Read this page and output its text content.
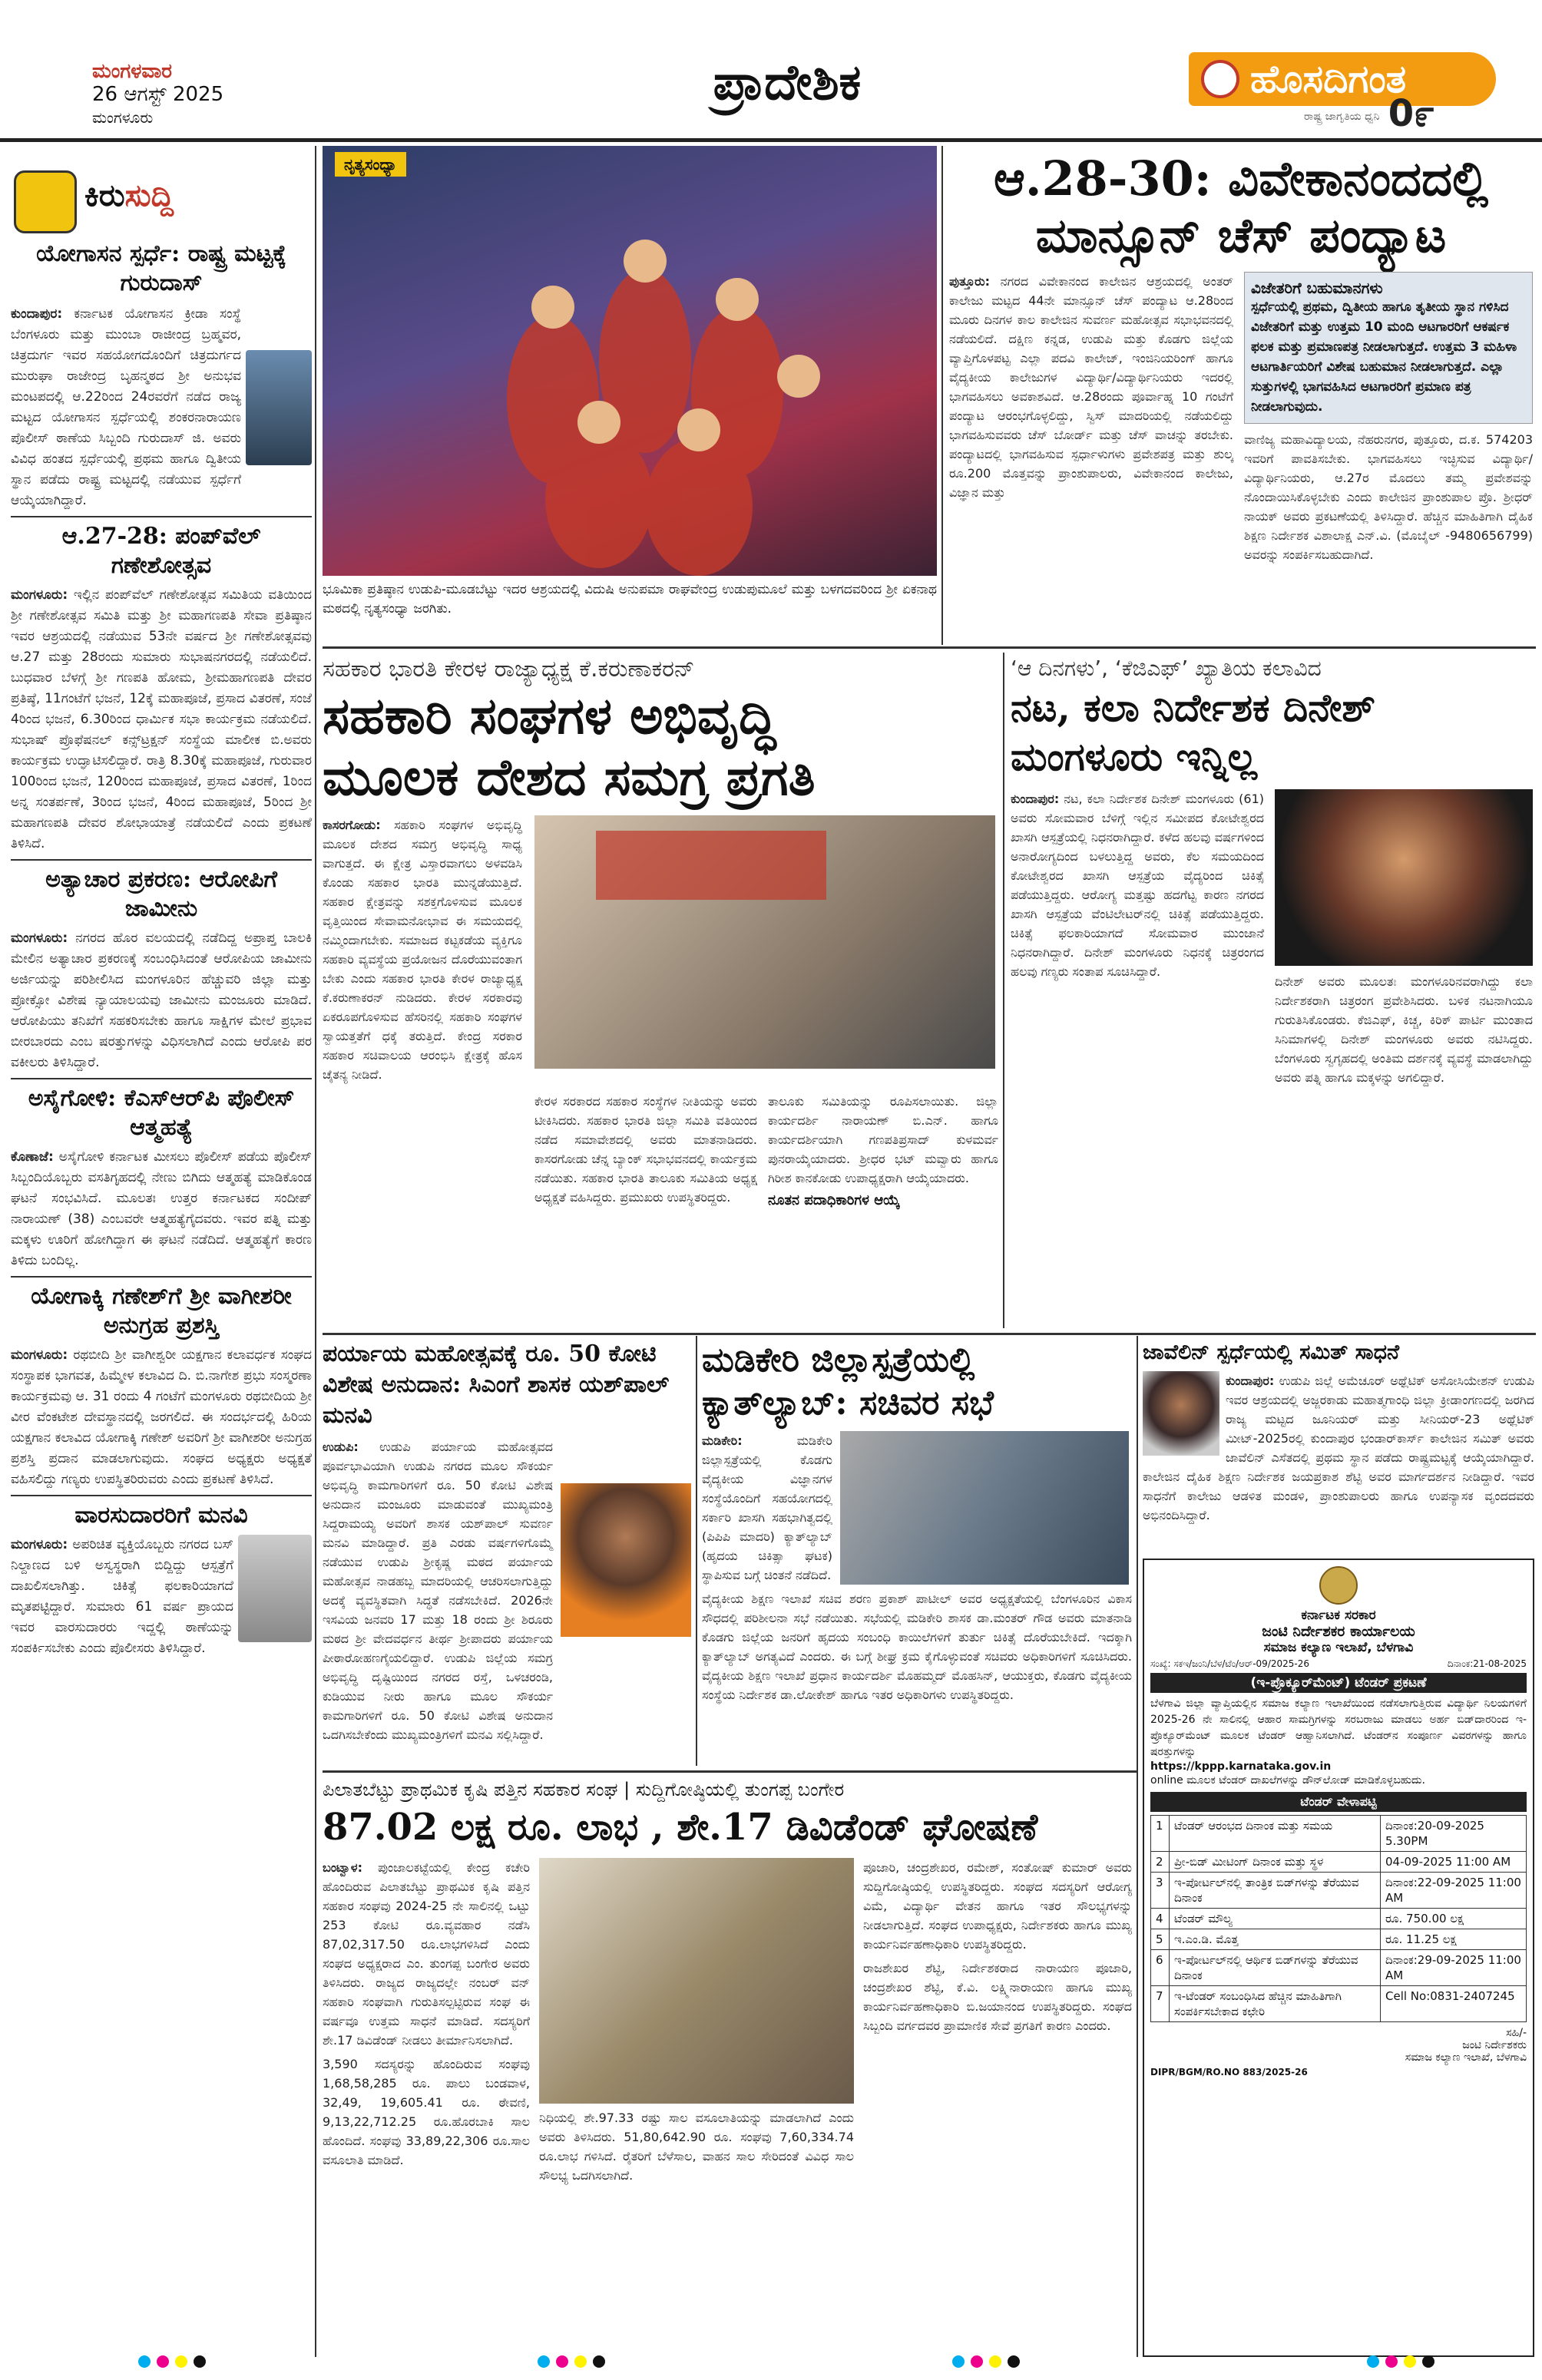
ಮಂಗಳವಾರ
26 ಆಗಸ್ಟ್ 2025
ಮಂಗಳೂರು
ಪ್ರಾದೇಶಿಕ	ಹೊಸದಿಗಂತ
ರಾಷ್ಟ್ರ ಜಾಗೃತಿಯ ಧ್ವನಿ 0೯
ಕಿರುಸುದ್ದಿ
ಯೋಗಾಸನ ಸ್ಪರ್ಧೆ: ರಾಷ್ಟ್ರ ಮಟ್ಟಕ್ಕೆ ಗುರುದಾಸ್
ಕುಂದಾಪುರ: ಕರ್ನಾಟಕ ಯೋಗಾಸನ ಕ್ರೀಡಾ ಸಂಸ್ಥೆ ಬೆಂಗಳೂರು ಮತ್ತು ಮುಂಬಾ ರಾಜೀಂದ್ರ ಬ್ರಹ್ಮವರ, ಚಿತ್ರದುರ್ಗ ಇವರ ಸಹಯೋಗದೊಂದಿಗೆ ಚಿತ್ರದುರ್ಗದ ಮುರುಘಾ ರಾಜೇಂದ್ರ ಬೃಹನ್ಮಠದ ಶ್ರೀ ಅನುಭವ ಮಂಟಪದಲ್ಲಿ ಆ.22ರಿಂದ 24ರವರೆಗೆ ನಡೆದ ರಾಜ್ಯ ಮಟ್ಟದ ಯೋಗಾಸನ ಸ್ಪರ್ಧೆಯಲ್ಲಿ ಶಂಕರನಾರಾಯಣ ಪೊಲೀಸ್ ಠಾಣೆಯ ಸಿಬ್ಬಂದಿ ಗುರುದಾಸ್ ಜಿ. ಅವರು ವಿವಿಧ ಹಂತದ ಸ್ಪರ್ಧೆಯಲ್ಲಿ ಪ್ರಥಮ ಹಾಗೂ ದ್ವಿತೀಯ ಸ್ಥಾನ ಪಡೆದು ರಾಷ್ಟ್ರ ಮಟ್ಟದಲ್ಲಿ ನಡೆಯುವ ಸ್ಪರ್ಧೆಗೆ ಆಯ್ಕೆಯಾಗಿದ್ದಾರೆ.
ಆ.27-28: ಪಂಪ್‌ವೆಲ್ ಗಣೇಶೋತ್ಸವ
ಮಂಗಳೂರು: ಇಲ್ಲಿನ ಪಂಪ್‌ವೆಲ್ ಗಣೇಶೋತ್ಸವ ಸಮಿತಿಯ ವತಿಯಿಂದ ಶ್ರೀ ಗಣೇಶೋತ್ಸವ ಸಮಿತಿ ಮತ್ತು ಶ್ರೀ ಮಹಾಗಣಪತಿ ಸೇವಾ ಪ್ರತಿಷ್ಠಾನ ಇವರ ಆಶ್ರಯದಲ್ಲಿ ನಡೆಯುವ 53ನೇ ವರ್ಷದ ಶ್ರೀ ಗಣೇಶೋತ್ಸವವು ಆ.27 ಮತ್ತು 28ರಂದು ಸುಮಾರು ಸುಭಾಷನಗರದಲ್ಲಿ ನಡೆಯಲಿದೆ. ಬುಧವಾರ ಬೆಳಗ್ಗೆ ಶ್ರೀ ಗಣಪತಿ ಹೋಮ, ಶ್ರೀಮಹಾಗಣಪತಿ ದೇವರ ಪ್ರತಿಷ್ಠೆ, 11ಗಂಟೆಗೆ ಭಜನೆ, 12ಕ್ಕೆ ಮಹಾಪೂಜೆ, ಪ್ರಸಾದ ವಿತರಣೆ, ಸಂಜೆ 4ರಿಂದ ಭಜನೆ, 6.30ರಿಂದ ಧಾರ್ಮಿಕ ಸಭಾ ಕಾರ್ಯಕ್ರಮ ನಡೆಯಲಿದೆ. ಸುಭಾಷ್ ಪ್ರೊಫೆಷನಲ್ ಕನ್ಸ್‌ಟ್ರಕ್ಷನ್ ಸಂಸ್ಥೆಯ ಮಾಲೀಕ ಬಿ.ಅವರು ಕಾರ್ಯಕ್ರಮ ಉದ್ಘಾಟಿಸಲಿದ್ದಾರೆ. ರಾತ್ರಿ 8.30ಕ್ಕೆ ಮಹಾಪೂಜೆ, ಗುರುವಾರ 100ರಿಂದ ಭಜನೆ, 120ರಿಂದ ಮಹಾಪೂಜೆ, ಪ್ರಸಾದ ವಿತರಣೆ, 1ರಿಂದ ಅನ್ನ ಸಂತರ್ಪಣೆ, 3ರಿಂದ ಭಜನೆ, 4ರಿಂದ ಮಹಾಪೂಜೆ, 5ರಿಂದ ಶ್ರೀ ಮಹಾಗಣಪತಿ ದೇವರ ಶೋಭಾಯಾತ್ರೆ ನಡೆಯಲಿದೆ ಎಂದು ಪ್ರಕಟಣೆ ತಿಳಿಸಿದೆ.
ಅತ್ಯಾಚಾರ ಪ್ರಕರಣ: ಆರೋಪಿಗೆ ಜಾಮೀನು
ಮಂಗಳೂರು: ನಗರದ ಹೊರ ವಲಯದಲ್ಲಿ ನಡೆದಿದ್ದ ಅಪ್ರಾಪ್ತ ಬಾಲಕಿ ಮೇಲಿನ ಅತ್ಯಾಚಾರ ಪ್ರಕರಣಕ್ಕೆ ಸಂಬಂಧಿಸಿದಂತೆ ಆರೋಪಿಯ ಜಾಮೀನು ಅರ್ಜಿಯನ್ನು ಪರಿಶೀಲಿಸಿದ ಮಂಗಳೂರಿನ ಹೆಚ್ಚುವರಿ ಜಿಲ್ಲಾ ಮತ್ತು ಪ್ರೋಕ್ಸೋ ವಿಶೇಷ ನ್ಯಾಯಾಲಯವು ಜಾಮೀನು ಮಂಜೂರು ಮಾಡಿದೆ. ಆರೋಪಿಯು ತನಿಖೆಗೆ ಸಹಕರಿಸಬೇಕು ಹಾಗೂ ಸಾಕ್ಷಿಗಳ ಮೇಲೆ ಪ್ರಭಾವ ಬೀರಬಾರದು ಎಂಬ ಷರತ್ತುಗಳನ್ನು ವಿಧಿಸಲಾಗಿದೆ ಎಂದು ಆರೋಪಿ ಪರ ವಕೀಲರು ತಿಳಿಸಿದ್ದಾರೆ.
ಅಸೈಗೋಳಿ: ಕೆಎಸ್‌ಆರ್‌ಪಿ ಪೊಲೀಸ್ ಆತ್ಮಹತ್ಯೆ
ಕೊಣಾಜೆ: ಅಸೈಗೋಳಿ ಕರ್ನಾಟಕ ಮೀಸಲು ಪೊಲೀಸ್ ಪಡೆಯ ಪೊಲೀಸ್ ಸಿಬ್ಬಂದಿಯೊಬ್ಬರು ವಸತಿಗೃಹದಲ್ಲಿ ನೇಣು ಬಿಗಿದು ಆತ್ಮಹತ್ಯೆ ಮಾಡಿಕೊಂಡ ಘಟನೆ ಸಂಭವಿಸಿದೆ. ಮೂಲತಃ ಉತ್ತರ ಕರ್ನಾಟಕದ ಸಂದೀಪ್ ನಾರಾಯಣ್ (38) ಎಂಬವರೇ ಆತ್ಮಹತ್ಯೆಗೈದವರು. ಇವರ ಪತ್ನಿ ಮತ್ತು ಮಕ್ಕಳು ಊರಿಗೆ ಹೋಗಿದ್ದಾಗ ಈ ಘಟನೆ ನಡೆದಿದೆ. ಆತ್ಮಹತ್ಯೆಗೆ ಕಾರಣ ತಿಳಿದು ಬಂದಿಲ್ಲ.
ಯೋಗಾಕ್ಕಿ ಗಣೇಶ್‌ಗೆ ಶ್ರೀ ವಾಗೀಶರೀ ಅನುಗ್ರಹ ಪ್ರಶಸ್ತಿ
ಮಂಗಳೂರು: ರಥಬೀದಿ ಶ್ರೀ ವಾಗೀಶ್ವರೀ ಯಕ್ಷಗಾನ ಕಲಾವರ್ಧಕ ಸಂಘದ ಸಂಸ್ಥಾಪಕ ಭಾಗವತ, ಹಿಮ್ಮೇಳ ಕಲಾವಿದ ದಿ. ಬಿ.ನಾಗೇಶ ಪ್ರಭು ಸಂಸ್ಮರಣಾ ಕಾರ್ಯಕ್ರಮವು ಆ. 31 ರಂದು 4 ಗಂಟೆಗೆ ಮಂಗಳೂರು ರಥಬೀದಿಯ ಶ್ರೀ ವೀರ ವೆಂಕಟೇಶ ದೇವಸ್ಥಾನದಲ್ಲಿ ಜರಗಲಿದೆ. ಈ ಸಂದರ್ಭದಲ್ಲಿ ಹಿರಿಯ ಯಕ್ಷಗಾನ ಕಲಾವಿದ ಯೋಗಾಕ್ಕಿ ಗಣೇಶ್ ಅವರಿಗೆ ಶ್ರೀ ವಾಗೀಶರೀ ಅನುಗ್ರಹ ಪ್ರಶಸ್ತಿ ಪ್ರದಾನ ಮಾಡಲಾಗುವುದು. ಸಂಘದ ಅಧ್ಯಕ್ಷರು ಅಧ್ಯಕ್ಷತೆ ವಹಿಸಲಿದ್ದು ಗಣ್ಯರು ಉಪಸ್ಥಿತರಿರುವರು ಎಂದು ಪ್ರಕಟಣೆ ತಿಳಿಸಿದೆ.
ವಾರಸುದಾರರಿಗೆ ಮನವಿ
ಮಂಗಳೂರು: ಅಪರಿಚಿತ ವ್ಯಕ್ತಿಯೊಬ್ಬರು ನಗರದ ಬಸ್ ನಿಲ್ದಾಣದ ಬಳಿ ಅಸ್ವಸ್ಥರಾಗಿ ಬಿದ್ದಿದ್ದು ಆಸ್ಪತ್ರೆಗೆ ದಾಖಲಿಸಲಾಗಿತ್ತು. ಚಿಕಿತ್ಸೆ ಫಲಕಾರಿಯಾಗದೆ ಮೃತಪಟ್ಟಿದ್ದಾರೆ. ಸುಮಾರು 61 ವರ್ಷ ಪ್ರಾಯದ ಇವರ ವಾರಸುದಾರರು ಇದ್ದಲ್ಲಿ ಠಾಣೆಯನ್ನು ಸಂಪರ್ಕಿಸಬೇಕು ಎಂದು ಪೊಲೀಸರು ತಿಳಿಸಿದ್ದಾರೆ.
ನೃತ್ಯಸಂಧ್ಯಾ
ಭೂಮಿಕಾ ಪ್ರತಿಷ್ಠಾನ ಉಡುಪಿ-ಮೂಡಬೆಟ್ಟು ಇದರ ಆಶ್ರಯದಲ್ಲಿ ವಿದುಷಿ ಅನುಪಮಾ ರಾಘವೇಂದ್ರ ಉಡುಪುಮೂಲೆ ಮತ್ತು ಬಳಗದವರಿಂದ ಶ್ರೀ ಏಕನಾಥ ಮಠದಲ್ಲಿ ನೃತ್ಯಸಂಧ್ಯಾ ಜರಗಿತು.
ಆ.28-30: ವಿವೇಕಾನಂದದಲ್ಲಿ
ಮಾನ್ಸೂನ್ ಚೆಸ್ ಪಂದ್ಯಾಟ
ಪುತ್ತೂರು: ನಗರದ ವಿವೇಕಾನಂದ ಕಾಲೇಜಿನ ಆಶ್ರಯದಲ್ಲಿ ಅಂತರ್ ಕಾಲೇಜು ಮಟ್ಟದ 44ನೇ ಮಾನ್ಸೂನ್ ಚೆಸ್ ಪಂದ್ಯಾಟ ಆ.28ರಿಂದ ಮೂರು ದಿನಗಳ ಕಾಲ ಕಾಲೇಜಿನ ಸುವರ್ಣ ಮಹೋತ್ಸವ ಸಭಾಭವನದಲ್ಲಿ ನಡೆಯಲಿದೆ. ದಕ್ಷಿಣ ಕನ್ನಡ, ಉಡುಪಿ ಮತ್ತು ಕೊಡಗು ಜಿಲ್ಲೆಯ ವ್ಯಾಪ್ತಿಗೊಳಪಟ್ಟ ಎಲ್ಲಾ ಪದವಿ ಕಾಲೇಜ್, ಇಂಜಿನಿಯರಿಂಗ್ ಹಾಗೂ ವೈದ್ಯಕೀಯ ಕಾಲೇಜುಗಳ ವಿದ್ಯಾರ್ಥಿ/ವಿದ್ಯಾರ್ಥಿನಿಯರು ಇದರಲ್ಲಿ ಭಾಗವಹಿಸಲು ಅವಕಾಶವಿದೆ. ಆ.28ರಂದು ಪೂರ್ವಾಹ್ನ 10 ಗಂಟೆಗೆ ಪಂದ್ಯಾಟ ಆರಂಭಗೊಳ್ಳಲಿದ್ದು, ಸ್ವಿಸ್ ಮಾದರಿಯಲ್ಲಿ ನಡೆಯಲಿದ್ದು ಭಾಗವಹಿಸುವವರು ಚೆಸ್ ಬೋರ್ಡ್ ಮತ್ತು ಚೆಸ್ ವಾಚನ್ನು ತರಬೇಕು. ಪಂದ್ಯಾಟದಲ್ಲಿ ಭಾಗವಹಿಸುವ ಸ್ಪರ್ಧಾಳುಗಳು ಪ್ರವೇಶಪತ್ರ ಮತ್ತು ಶುಲ್ಕ ರೂ.200 ಮೊತ್ತವನ್ನು ಪ್ರಾಂಶುಪಾಲರು, ವಿವೇಕಾನಂದ ಕಾಲೇಜು, ವಿಜ್ಞಾನ ಮತ್ತು
ವಿಜೇತರಿಗೆ ಬಹುಮಾನಗಳು
ಸ್ಪರ್ಧೆಯಲ್ಲಿ ಪ್ರಥಮ, ದ್ವಿತೀಯ ಹಾಗೂ ತೃತೀಯ ಸ್ಥಾನ ಗಳಿಸಿದ ವಿಜೇತರಿಗೆ ಮತ್ತು ಉತ್ತಮ 10 ಮಂದಿ ಆಟಗಾರರಿಗೆ ಆಕರ್ಷಕ ಫಲಕ ಮತ್ತು ಪ್ರಮಾಣಪತ್ರ ನೀಡಲಾಗುತ್ತದೆ. ಉತ್ತಮ 3 ಮಹಿಳಾ ಆಟಗಾರ್ತಿಯರಿಗೆ ವಿಶೇಷ ಬಹುಮಾನ ನೀಡಲಾಗುತ್ತದೆ. ಎಲ್ಲಾ ಸುತ್ತುಗಳಲ್ಲಿ ಭಾಗವಹಿಸಿದ ಆಟಗಾರರಿಗೆ ಪ್ರಮಾಣ ಪತ್ರ ನೀಡಲಾಗುವುದು.
ವಾಣಿಜ್ಯ ಮಹಾವಿದ್ಯಾಲಯ, ನೆಹರುನಗರ, ಪುತ್ತೂರು, ದ.ಕ. 574203 ಇವರಿಗೆ ಪಾವತಿಸಬೇಕು. ಭಾಗವಹಿಸಲು ಇಚ್ಛಿಸುವ ವಿದ್ಯಾರ್ಥಿ/ವಿದ್ಯಾರ್ಥಿನಿಯರು, ಆ.27ರ ಮೊದಲು ತಮ್ಮ ಪ್ರವೇಶವನ್ನು ನೊಂದಾಯಿಸಿಕೊಳ್ಳಬೇಕು ಎಂದು ಕಾಲೇಜಿನ ಪ್ರಾಂಶುಪಾಲ ಪ್ರೊ. ಶ್ರೀಧರ್ ನಾಯಕ್ ಅವರು ಪ್ರಕಟಣೆಯಲ್ಲಿ ತಿಳಿಸಿದ್ದಾರೆ. ಹೆಚ್ಚಿನ ಮಾಹಿತಿಗಾಗಿ ದೈಹಿಕ ಶಿಕ್ಷಣ ನಿರ್ದೇಶಕ ವಿಶಾಲಾಕ್ಷ ಎನ್.ವಿ. (ಮೊಬೈಲ್ -9480656799) ಅವರನ್ನು ಸಂಪರ್ಕಿಸಬಹುದಾಗಿದೆ.
ಸಹಕಾರ ಭಾರತಿ ಕೇರಳ ರಾಜ್ಯಾಧ್ಯಕ್ಷ ಕೆ.ಕರುಣಾಕರನ್
ಸಹಕಾರಿ ಸಂಘಗಳ ಅಭಿವೃದ್ಧಿ
ಮೂಲಕ ದೇಶದ ಸಮಗ್ರ ಪ್ರಗತಿ
ಕಾಸರಗೋಡು: ಸಹಕಾರಿ ಸಂಘಗಳ ಅಭಿವೃದ್ಧಿ ಮೂಲಕ ದೇಶದ ಸಮಗ್ರ ಅಭಿವೃದ್ಧಿ ಸಾಧ್ಯ ವಾಗುತ್ತದೆ. ಈ ಕ್ಷೇತ್ರ ವಿಸ್ತಾರವಾಗಲು ಅಳವಡಿಸಿ ಕೊಂಡು ಸಹಕಾರ ಭಾರತಿ ಮುನ್ನಡೆಯುತ್ತಿದೆ. ಸಹಕಾರ ಕ್ಷೇತ್ರವನ್ನು ಸಶಕ್ತಗೊಳಿಸುವ ಮೂಲಕ ವೃತ್ತಿಯಿಂದ ಸೇವಾಮನೋಭಾವ ಈ ಸಮಯದಲ್ಲಿ ನಮ್ಮಿಂದಾಗಬೇಕು. ಸಮಾಜದ ಕಟ್ಟಕಡೆಯ ವ್ಯಕ್ತಿಗೂ ಸಹಕಾರಿ ವ್ಯವಸ್ಥೆಯ ಪ್ರಯೋಜನ ದೊರೆಯುವಂತಾಗ ಬೇಕು ಎಂದು ಸಹಕಾರ ಭಾರತಿ ಕೇರಳ ರಾಜ್ಯಾಧ್ಯಕ್ಷ ಕೆ.ಕರುಣಾಕರನ್ ನುಡಿದರು. ಕೇರಳ ಸರಕಾರವು ಏಕರೂಪಗೊಳಿಸುವ ಹೆಸರಿನಲ್ಲಿ ಸಹಕಾರಿ ಸಂಘಗಳ ಸ್ವಾಯತ್ತತೆಗೆ ಧಕ್ಕೆ ತರುತ್ತಿದೆ. ಕೇಂದ್ರ ಸರಕಾರ ಸಹಕಾರ ಸಚಿವಾಲಯ ಆರಂಭಿಸಿ ಕ್ಷೇತ್ರಕ್ಕೆ ಹೊಸ ಚೈತನ್ಯ ನೀಡಿದೆ.
ಕೇರಳ ಸರಕಾರದ ಸಹಕಾರ ಸಂಸ್ಥೆಗಳ ನೀತಿಯನ್ನು ಅವರು ಟೀಕಿಸಿದರು. ಸಹಕಾರ ಭಾರತಿ ಜಿಲ್ಲಾ ಸಮಿತಿ ವತಿಯಿಂದ ನಡೆದ ಸಮಾವೇಶದಲ್ಲಿ ಅವರು ಮಾತನಾಡಿದರು. ಕಾಸರಗೋಡು ಚೆನ್ನ ಬ್ಯಾಂಕ್ ಸಭಾಭವನದಲ್ಲಿ ಕಾರ್ಯಕ್ರಮ ನಡೆಯಿತು. ಸಹಕಾರ ಭಾರತಿ ತಾಲೂಕು ಸಮಿತಿಯ ಅಧ್ಯಕ್ಷ ಅಧ್ಯಕ್ಷತೆ ವಹಿಸಿದ್ದರು. ಪ್ರಮುಖರು ಉಪಸ್ಥಿತರಿದ್ದರು.
ತಾಲೂಕು ಸಮಿತಿಯನ್ನು ರೂಪಿಸಲಾಯಿತು. ಜಿಲ್ಲಾ ಕಾರ್ಯದರ್ಶಿ ನಾರಾಯಣ್ ಬಿ.ಎನ್. ಹಾಗೂ ಕಾರ್ಯದರ್ಶಿಯಾಗಿ ಗಣಪತಿಪ್ರಸಾದ್ ಕುಳಮರ್ವ ಪುನರಾಯ್ಕೆಯಾದರು. ಶ್ರೀಧರ ಭಟ್ ಮವ್ವಾರು ಹಾಗೂ ಗಿರೀಶ ಕಾನಕೋಡು ಉಪಾಧ್ಯಕ್ಷರಾಗಿ ಆಯ್ಕೆಯಾದರು.
ನೂತನ ಪದಾಧಿಕಾರಿಗಳ ಆಯ್ಕೆ
‘ಆ ದಿನಗಳು’, ‘ಕೆಜಿಎಫ್’ ಖ್ಯಾತಿಯ ಕಲಾವಿದ
ನಟ, ಕಲಾ ನಿರ್ದೇಶಕ ದಿನೇಶ್
ಮಂಗಳೂರು ಇನ್ನಿಲ್ಲ
ಕುಂದಾಪುರ: ನಟ, ಕಲಾ ನಿರ್ದೇಶಕ ದಿನೇಶ್ ಮಂಗಳೂರು (61) ಅವರು ಸೋಮವಾರ ಬೆಳಿಗ್ಗೆ ಇಲ್ಲಿನ ಸಮೀಪದ ಕೋಟೇಶ್ವರದ ಖಾಸಗಿ ಆಸ್ಪತ್ರೆಯಲ್ಲಿ ನಿಧನರಾಗಿದ್ದಾರೆ. ಕಳೆದ ಹಲವು ವರ್ಷಗಳಿಂದ ಅನಾರೋಗ್ಯದಿಂದ ಬಳಲುತ್ತಿದ್ದ ಅವರು, ಕೆಲ ಸಮಯದಿಂದ ಕೋಟೇಶ್ವರದ ಖಾಸಗಿ ಆಸ್ಪತ್ರೆಯ ವೈದ್ಯರಿಂದ ಚಿಕಿತ್ಸೆ ಪಡೆಯುತ್ತಿದ್ದರು. ಆರೋಗ್ಯ ಮತ್ತಷ್ಟು ಹದಗೆಟ್ಟ ಕಾರಣ ನಗರದ ಖಾಸಗಿ ಆಸ್ಪತ್ರೆಯ ವೆಂಟಿಲೇಟರ್‌ನಲ್ಲಿ ಚಿಕಿತ್ಸೆ ಪಡೆಯುತ್ತಿದ್ದರು. ಚಿಕಿತ್ಸೆ ಫಲಕಾರಿಯಾಗದೆ ಸೋಮವಾರ ಮುಂಜಾನೆ ನಿಧನರಾಗಿದ್ದಾರೆ. ದಿನೇಶ್ ಮಂಗಳೂರು ನಿಧನಕ್ಕೆ ಚಿತ್ರರಂಗದ ಹಲವು ಗಣ್ಯರು ಸಂತಾಪ ಸೂಚಿಸಿದ್ದಾರೆ.
ದಿನೇಶ್ ಅವರು ಮೂಲತಃ ಮಂಗಳೂರಿನವರಾಗಿದ್ದು ಕಲಾ ನಿರ್ದೇಶಕರಾಗಿ ಚಿತ್ರರಂಗ ಪ್ರವೇಶಿಸಿದರು. ಬಳಿಕ ನಟನಾಗಿಯೂ ಗುರುತಿಸಿಕೊಂಡರು. ಕೆಜಿಎಫ್, ಕಿಚ್ಚ, ಕಿರಿಕ್ ಪಾರ್ಟಿ ಮುಂತಾದ ಸಿನಿಮಾಗಳಲ್ಲಿ ದಿನೇಶ್ ಮಂಗಳೂರು ಅವರು ನಟಿಸಿದ್ದರು. ಬೆಂಗಳೂರು ಸ್ವಗೃಹದಲ್ಲಿ ಅಂತಿಮ ದರ್ಶನಕ್ಕೆ ವ್ಯವಸ್ಥೆ ಮಾಡಲಾಗಿದ್ದು ಅವರು ಪತ್ನಿ ಹಾಗೂ ಮಕ್ಕಳನ್ನು ಅಗಲಿದ್ದಾರೆ.
ಪರ್ಯಾಯ ಮಹೋತ್ಸವಕ್ಕೆ ರೂ. 50 ಕೋಟಿ ವಿಶೇಷ ಅನುದಾನ: ಸಿಎಂಗೆ ಶಾಸಕ ಯಶ್‌ಪಾಲ್ ಮನವಿ
ಉಡುಪಿ: ಉಡುಪಿ ಪರ್ಯಾಯ ಮಹೋತ್ಸವದ ಪೂರ್ವಭಾವಿಯಾಗಿ ಉಡುಪಿ ನಗರದ ಮೂಲ ಸೌಕರ್ಯ ಅಭಿವೃದ್ಧಿ ಕಾಮಗಾರಿಗಳಿಗೆ ರೂ. 50 ಕೋಟಿ ವಿಶೇಷ ಅನುದಾನ ಮಂಜೂರು ಮಾಡುವಂತೆ ಮುಖ್ಯಮಂತ್ರಿ ಸಿದ್ದರಾಮಯ್ಯ ಅವರಿಗೆ ಶಾಸಕ ಯಶ್‌ಪಾಲ್ ಸುವರ್ಣ ಮನವಿ ಮಾಡಿದ್ದಾರೆ. ಪ್ರತಿ ಎರಡು ವರ್ಷಗಳಿಗೊಮ್ಮೆ ನಡೆಯುವ ಉಡುಪಿ ಶ್ರೀಕೃಷ್ಣ ಮಠದ ಪರ್ಯಾಯ ಮಹೋತ್ಸವ ನಾಡಹಬ್ಬ ಮಾದರಿಯಲ್ಲಿ ಆಚರಿಸಲಾಗುತ್ತಿದ್ದು ಅದಕ್ಕೆ ವ್ಯವಸ್ಥಿತವಾಗಿ ಸಿದ್ಧತೆ ನಡೆಸಬೇಕಿದೆ. 2026ನೇ ಇಸವಿಯ ಜನವರಿ 17 ಮತ್ತು 18 ರಂದು ಶ್ರೀ ಶಿರೂರು ಮಠದ ಶ್ರೀ ವೇದವರ್ಧನ ತೀರ್ಥ ಶ್ರೀಪಾದರು ಪರ್ಯಾಯ ಪೀಠಾರೋಹಣಗೈಯಲಿದ್ದಾರೆ. ಉಡುಪಿ ಜಿಲ್ಲೆಯ ಸಮಗ್ರ ಅಭಿವೃದ್ಧಿ ದೃಷ್ಟಿಯಿಂದ ನಗರದ ರಸ್ತೆ, ಒಳಚರಂಡಿ, ಕುಡಿಯುವ ನೀರು ಹಾಗೂ ಮೂಲ ಸೌಕರ್ಯ ಕಾಮಗಾರಿಗಳಿಗೆ ರೂ. 50 ಕೋಟಿ ವಿಶೇಷ ಅನುದಾನ ಒದಗಿಸಬೇಕೆಂದು ಮುಖ್ಯಮಂತ್ರಿಗಳಿಗೆ ಮನವಿ ಸಲ್ಲಿಸಿದ್ದಾರೆ.
ಮಡಿಕೇರಿ ಜಿಲ್ಲಾಸ್ಪತ್ರೆಯಲ್ಲಿ
ಕ್ಯಾತ್‌ಲ್ಯಾಬ್: ಸಚಿವರ ಸಭೆ
ಮಡಿಕೇರಿ:	ಮಡಿಕೇರಿ ಜಿಲ್ಲಾಸ್ಪತ್ರೆಯಲ್ಲಿ ಕೊಡಗು ವೈದ್ಯಕೀಯ ವಿಜ್ಞಾನಗಳ ಸಂಸ್ಥೆಯೊಂದಿಗೆ ಸಹಯೋಗದಲ್ಲಿ ಸರ್ಕಾರಿ ಖಾಸಗಿ ಸಹಭಾಗಿತ್ವದಲ್ಲಿ (ಪಿಪಿಪಿ ಮಾದರಿ) ಕ್ಯಾತ್‌ಲ್ಯಾಬ್ (ಹೃದಯ ಚಿಕಿತ್ಸಾ ಘಟಕ) ಸ್ಥಾಪಿಸುವ ಬಗ್ಗೆ ಚಿಂತನೆ ನಡೆದಿದೆ.
ವೈದ್ಯಕೀಯ ಶಿಕ್ಷಣ ಇಲಾಖೆ ಸಚಿವ ಶರಣ ಪ್ರಕಾಶ್ ಪಾಟೀಲ್ ಅವರ ಅಧ್ಯಕ್ಷತೆಯಲ್ಲಿ ಬೆಂಗಳೂರಿನ ವಿಕಾಸ ಸೌಧದಲ್ಲಿ ಪರಿಶೀಲನಾ ಸಭೆ ನಡೆಯಿತು. ಸಭೆಯಲ್ಲಿ ಮಡಿಕೇರಿ ಶಾಸಕ ಡಾ.ಮಂತರ್ ಗೌಡ ಅವರು ಮಾತನಾಡಿ ಕೊಡಗು ಜಿಲ್ಲೆಯ ಜನರಿಗೆ ಹೃದಯ ಸಂಬಂಧಿ ಕಾಯಿಲೆಗಳಿಗೆ ತುರ್ತು ಚಿಕಿತ್ಸೆ ದೊರೆಯಬೇಕಿದೆ. ಇದಕ್ಕಾಗಿ ಕ್ಯಾತ್‌ಲ್ಯಾಬ್ ಅಗತ್ಯವಿದೆ ಎಂದರು. ಈ ಬಗ್ಗೆ ಶೀಘ್ರ ಕ್ರಮ ಕೈಗೊಳ್ಳುವಂತೆ ಸಚಿವರು ಅಧಿಕಾರಿಗಳಿಗೆ ಸೂಚಿಸಿದರು. ವೈದ್ಯಕೀಯ ಶಿಕ್ಷಣ ಇಲಾಖೆ ಪ್ರಧಾನ ಕಾರ್ಯದರ್ಶಿ ಮೊಹಮ್ಮದ್ ಮೊಹಸಿನ್, ಆಯುಕ್ತರು, ಕೊಡಗು ವೈದ್ಯಕೀಯ ಸಂಸ್ಥೆಯ ನಿರ್ದೇಶಕ ಡಾ.ಲೋಕೇಶ್ ಹಾಗೂ ಇತರ ಅಧಿಕಾರಿಗಳು ಉಪಸ್ಥಿತರಿದ್ದರು.
ಜಾವೆಲಿನ್ ಸ್ಪರ್ಧೆಯಲ್ಲಿ ಸಮಿತ್ ಸಾಧನೆ
ಕುಂದಾಪುರ: ಉಡುಪಿ ಜಿಲ್ಲೆ ಅಮೆಚೂರ್ ಅಥ್ಲೆಟಿಕ್ ಅಸೋಸಿಯೇಶನ್ ಉಡುಪಿ ಇವರ ಆಶ್ರಯದಲ್ಲಿ ಅಜ್ಜರಕಾಡು ಮಹಾತ್ಮಗಾಂಧಿ ಜಿಲ್ಲಾ ಕ್ರೀಡಾಂಗಣದಲ್ಲಿ ಜರಗಿದ ರಾಜ್ಯ ಮಟ್ಟದ ಜೂನಿಯರ್ ಮತ್ತು ಸೀನಿಯರ್-23 ಅಥ್ಲೆಟಿಕ್ ಮೀಟ್-2025ರಲ್ಲಿ ಕುಂದಾಪುರ ಭಂಡಾರ್‌ಕಾರ್ಸ್ ಕಾಲೇಜಿನ ಸಮಿತ್ ಅವರು ಜಾವೆಲಿನ್ ಎಸೆತದಲ್ಲಿ ಪ್ರಥಮ ಸ್ಥಾನ ಪಡೆದು ರಾಷ್ಟ್ರಮಟ್ಟಕ್ಕೆ ಆಯ್ಕೆಯಾಗಿದ್ದಾರೆ. ಕಾಲೇಜಿನ ದೈಹಿಕ ಶಿಕ್ಷಣ ನಿರ್ದೇಶಕ ಜಯಪ್ರಕಾಶ ಶೆಟ್ಟಿ ಅವರ ಮಾರ್ಗದರ್ಶನ ನೀಡಿದ್ದಾರೆ. ಇವರ ಸಾಧನೆಗೆ ಕಾಲೇಜು ಆಡಳಿತ ಮಂಡಳಿ, ಪ್ರಾಂಶುಪಾಲರು ಹಾಗೂ ಉಪನ್ಯಾಸಕ ವೃಂದದವರು ಅಭಿನಂದಿಸಿದ್ದಾರೆ.
ಕರ್ನಾಟಕ ಸರಕಾರ
ಜಂಟಿ ನಿರ್ದೇಶಕರ ಕಾರ್ಯಾಲಯ
ಸಮಾಜ ಕಲ್ಯಾಣ ಇಲಾಖೆ, ಬೆಳಗಾವಿ
ಸಂಖ್ಯೆ: ಸಕಇ/ಜಂನಿ/ಬೆಳ/ಟೆಂ/ಆರ್-09/2025-26	ದಿನಾಂಕ:21-08-2025
(ಇ-ಪ್ರೊಕ್ಯೂರ್‌ಮೆಂಟ್) ಟೆಂಡರ್ ಪ್ರಕಟಣೆ
ಬೆಳಗಾವಿ ಜಿಲ್ಲಾ ವ್ಯಾಪ್ತಿಯಲ್ಲಿನ ಸಮಾಜ ಕಲ್ಯಾಣ ಇಲಾಖೆಯಿಂದ ನಡೆಸಲಾಗುತ್ತಿರುವ ವಿದ್ಯಾರ್ಥಿ ನಿಲಯಗಳಿಗೆ 2025-26 ನೇ ಸಾಲಿನಲ್ಲಿ ಆಹಾರ ಸಾಮಗ್ರಿಗಳನ್ನು ಸರಬರಾಜು ಮಾಡಲು ಅರ್ಹ ಬಿಡ್‌ದಾರರಿಂದ ಇ-ಪ್ರೊಕ್ಯೂರ್‌ಮೆಂಟ್ ಮೂಲಕ ಟೆಂಡರ್ ಆಹ್ವಾನಿಸಲಾಗಿದೆ. ಟೆಂಡರ್‌ನ ಸಂಪೂರ್ಣ ವಿವರಗಳನ್ನು ಹಾಗೂ ಷರತ್ತುಗಳನ್ನು
https://kppp.karnataka.gov.in
online ಮೂಲಕ ಟೆಂಡರ್ ದಾಖಲೆಗಳನ್ನು ಡೌನ್‌ಲೋಡ್ ಮಾಡಿಕೊಳ್ಳಬಹುದು.
ಟೆಂಡರ್ ವೇಳಾಪಟ್ಟಿ
1	ಟೆಂಡರ್ ಆರಂಭದ ದಿನಾಂಕ ಮತ್ತು ಸಮಯ	ದಿನಾಂಕ:20-09-2025 5.30PM
2	ಪ್ರೀ-ಬಿಡ್ ಮೀಟಿಂಗ್ ದಿನಾಂಕ ಮತ್ತು ಸ್ಥಳ	04-09-2025 11:00 AM
3	ಇ-ಪೋರ್ಟಲ್‌ನಲ್ಲಿ ತಾಂತ್ರಿಕ ಬಿಡ್‌ಗಳನ್ನು ತೆರೆಯುವ ದಿನಾಂಕ	ದಿನಾಂಕ:22-09-2025 11:00 AM
4	ಟೆಂಡರ್ ಮೌಲ್ಯ	ರೂ. 750.00 ಲಕ್ಷ
5	ಇ.ಎಂ.ಡಿ. ಮೊತ್ತ	ರೂ. 11.25 ಲಕ್ಷ
6	ಇ-ಪೋರ್ಟಲ್‌ನಲ್ಲಿ ಆರ್ಥಿಕ ಬಿಡ್‌ಗಳನ್ನು ತೆರೆಯುವ ದಿನಾಂಕ	ದಿನಾಂಕ:29-09-2025 11:00 AM
7	ಇ-ಟೆಂಡರ್ ಸಂಬಂಧಿಸಿದ ಹೆಚ್ಚಿನ ಮಾಹಿತಿಗಾಗಿ ಸಂಪರ್ಕಿಸಬೇಕಾದ ಕಛೇರಿ	Cell No:0831-2407245
ಸಹಿ/-
ಜಂಟಿ ನಿರ್ದೇಶಕರು
ಸಮಾಜ ಕಲ್ಯಾಣ ಇಲಾಖೆ, ಬೆಳಗಾವಿ
DIPR/BGM/RO.NO 883/2025-26
ಪಿಲಾತಬೆಟ್ಟು ಪ್ರಾಥಮಿಕ ಕೃಷಿ ಪತ್ತಿನ ಸಹಕಾರ ಸಂಘ | ಸುದ್ದಿಗೋಷ್ಠಿಯಲ್ಲಿ ತುಂಗಪ್ಪ ಬಂಗೇರ
87.02 ಲಕ್ಷ ರೂ. ಲಾಭ , ಶೇ.17 ಡಿವಿಡೆಂಡ್ ಘೋಷಣೆ
ಬಂಟ್ವಾಳ: ಪುಂಜಾಲಕಟ್ಟೆಯಲ್ಲಿ ಕೇಂದ್ರ ಕಚೇರಿ ಹೊಂದಿರುವ ಪಿಲಾತಬೆಟ್ಟು ಪ್ರಾಥಮಿಕ ಕೃಷಿ ಪತ್ತಿನ ಸಹಕಾರ ಸಂಘವು 2024-25 ನೇ ಸಾಲಿನಲ್ಲಿ ಒಟ್ಟು 253 ಕೋಟಿ ರೂ.ವ್ಯವಹಾರ ನಡೆಸಿ 87,02,317.50 ರೂ.ಲಾಭಗಳಿಸಿದೆ ಎಂದು ಸಂಘದ ಅಧ್ಯಕ್ಷರಾದ ಎಂ. ತುಂಗಪ್ಪ ಬಂಗೇರ ಅವರು ತಿಳಿಸಿದರು. ರಾಜ್ಯದ ರಾಜ್ಯದಲ್ಲೇ ನಂಬರ್ ವನ್ ಸಹಕಾರಿ ಸಂಘವಾಗಿ ಗುರುತಿಸಲ್ಪಟ್ಟಿರುವ ಸಂಘ ಈ ವರ್ಷವೂ ಉತ್ತಮ ಸಾಧನೆ ಮಾಡಿದೆ. ಸದಸ್ಯರಿಗೆ ಶೇ.17 ಡಿವಿಡೆಂಡ್ ನೀಡಲು ತೀರ್ಮಾನಿಸಲಾಗಿದೆ.
3,590 ಸದಸ್ಯರನ್ನು ಹೊಂದಿರುವ ಸಂಘವು 1,68,58,285 ರೂ. ಪಾಲು ಬಂಡವಾಳ, 32,49, 19,605.41 ರೂ. ಠೇವಣಿ, 9,13,22,712.25 ರೂ.ಹೊರಬಾಕಿ ಸಾಲ ಹೊಂದಿದೆ. ಸಂಘವು 33,89,22,306 ರೂ.ಸಾಲ ವಸೂಲಾತಿ ಮಾಡಿದೆ.
ನಿಧಿಯಲ್ಲಿ ಶೇ.97.33 ರಷ್ಟು ಸಾಲ ವಸೂಲಾತಿಯನ್ನು ಮಾಡಲಾಗಿದೆ ಎಂದು ಅವರು ತಿಳಿಸಿದರು. 51,80,642.90 ರೂ. ಸಂಘವು 7,60,334.74 ರೂ.ಲಾಭ ಗಳಿಸಿದೆ. ರೈತರಿಗೆ ಬೆಳೆಸಾಲ, ವಾಹನ ಸಾಲ ಸೇರಿದಂತೆ ವಿವಿಧ ಸಾಲ ಸೌಲಭ್ಯ ಒದಗಿಸಲಾಗಿದೆ.
ಪೂಜಾರಿ, ಚಂದ್ರಶೇಖರ, ರಮೇಶ್, ಸಂತೋಷ್ ಕುಮಾರ್ ಅವರು ಸುದ್ದಿಗೋಷ್ಠಿಯಲ್ಲಿ ಉಪಸ್ಥಿತರಿದ್ದರು. ಸಂಘದ ಸದಸ್ಯರಿಗೆ ಆರೋಗ್ಯ ವಿಮೆ, ವಿದ್ಯಾರ್ಥಿ ವೇತನ ಹಾಗೂ ಇತರ ಸೌಲಭ್ಯಗಳನ್ನು ನೀಡಲಾಗುತ್ತಿದೆ. ಸಂಘದ ಉಪಾಧ್ಯಕ್ಷರು, ನಿರ್ದೇಶಕರು ಹಾಗೂ ಮುಖ್ಯ ಕಾರ್ಯನಿರ್ವಹಣಾಧಿಕಾರಿ ಉಪಸ್ಥಿತರಿದ್ದರು.
ರಾಜಶೇಖರ ಶೆಟ್ಟಿ, ನಿರ್ದೇಶಕರಾದ ನಾರಾಯಣ ಪೂಜಾರಿ, ಚಂದ್ರಶೇಖರ ಶೆಟ್ಟಿ, ಕೆ.ವಿ. ಲಕ್ಷ್ಮಿನಾರಾಯಣ ಹಾಗೂ ಮುಖ್ಯ ಕಾರ್ಯನಿರ್ವಹಣಾಧಿಕಾರಿ ಬಿ.ಜಯಾನಂದ ಉಪಸ್ಥಿತರಿದ್ದರು. ಸಂಘದ ಸಿಬ್ಬಂದಿ ವರ್ಗದವರ ಪ್ರಾಮಾಣಿಕ ಸೇವೆ ಪ್ರಗತಿಗೆ ಕಾರಣ ಎಂದರು.
